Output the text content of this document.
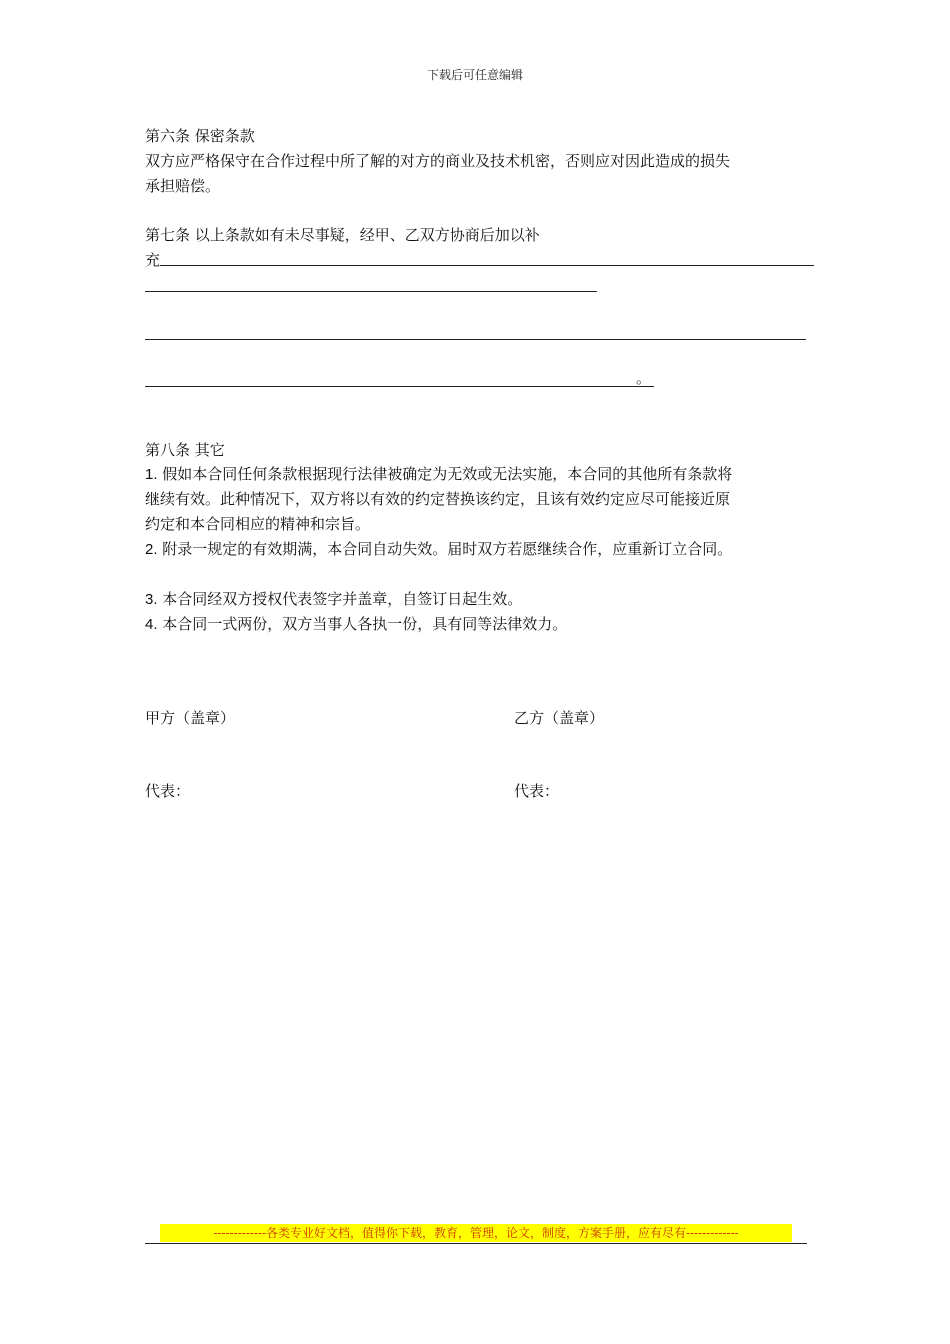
下载后可任意编辑
第六条 保密条款
双方应严格保守在合作过程中所了解的对方的商业及技术机密，否则应对因此造成的损失
承担赔偿。
第七条 以上条款如有未尽事疑，经甲、乙双方协商后加以补
充
。
第八条 其它
1. 假如本合同任何条款根据现行法律被确定为无效或无法实施，本合同的其他所有条款将
继续有效。此种情况下，双方将以有效的约定替换该约定，且该有效约定应尽可能接近原
约定和本合同相应的精神和宗旨。
2. 附录一规定的有效期满，本合同自动失效。届时双方若愿继续合作，应重新订立合同。
3. 本合同经双方授权代表签字并盖章，自签订日起生效。
4. 本合同一式两份，双方当事人各执一份，具有同等法律效力。
甲方（盖章）	乙方（盖章）
代表：	代表：
-------------各类专业好文档，值得你下载，教育，管理，论文，制度，方案手册，应有尽有-------------
